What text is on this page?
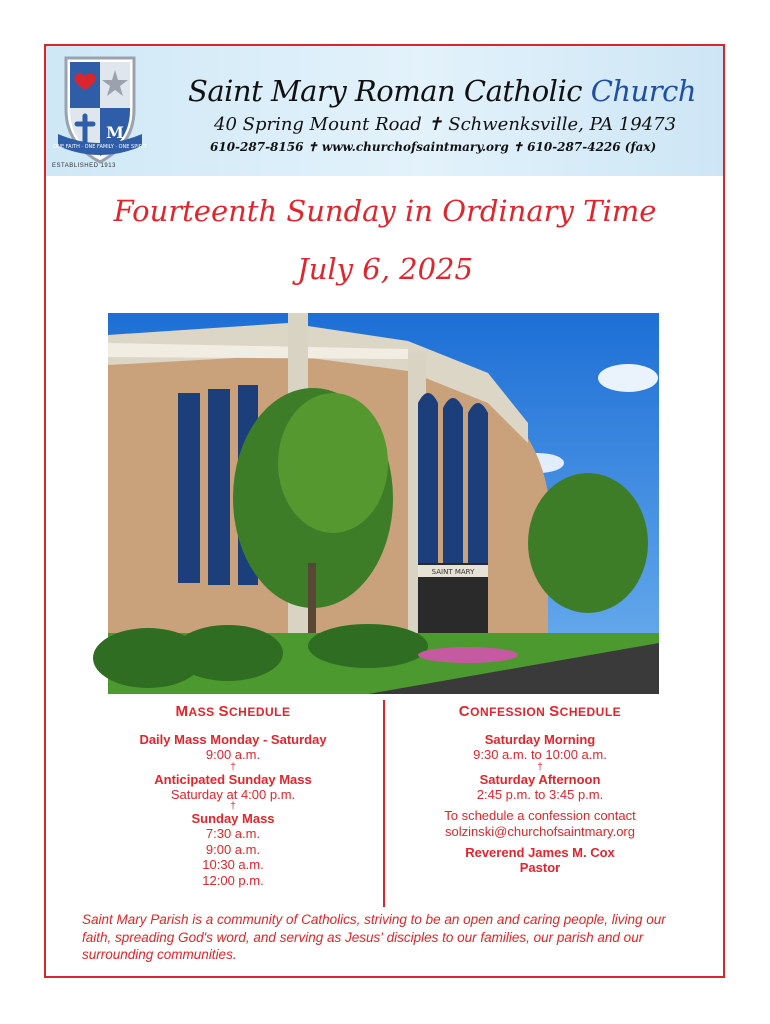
M
ONE FAITH · ONE FAMILY · ONE SPIRIT
ESTABLISHED 1913
Saint Mary Roman Catholic Church
40 Spring Mount Road ✝ Schwenksville, PA 19473
610-287-8156 ✝ www.churchofsaintmary.org ✝ 610-287-4226 (fax)
Fourteenth Sunday in Ordinary Time
July 6, 2025
SAINT MARY
MASS SCHEDULE
Daily Mass Monday - Saturday
9:00 a.m.
†
Anticipated Sunday Mass
Saturday at 4:00 p.m.
†
Sunday Mass
7:30 a.m.
9:00 a.m.
10:30 a.m.
12:00 p.m.
CONFESSION SCHEDULE
Saturday Morning
9:30 a.m. to 10:00 a.m.
†
Saturday Afternoon
2:45 p.m. to 3:45 p.m.
To schedule a confession contact
solzinski@churchofsaintmary.org
Reverend James M. Cox
Pastor
Saint Mary Parish is a community of Catholics, striving to be an open and caring people, living our faith, spreading God's word, and serving as Jesus' disciples to our families, our parish and our surrounding communities.
